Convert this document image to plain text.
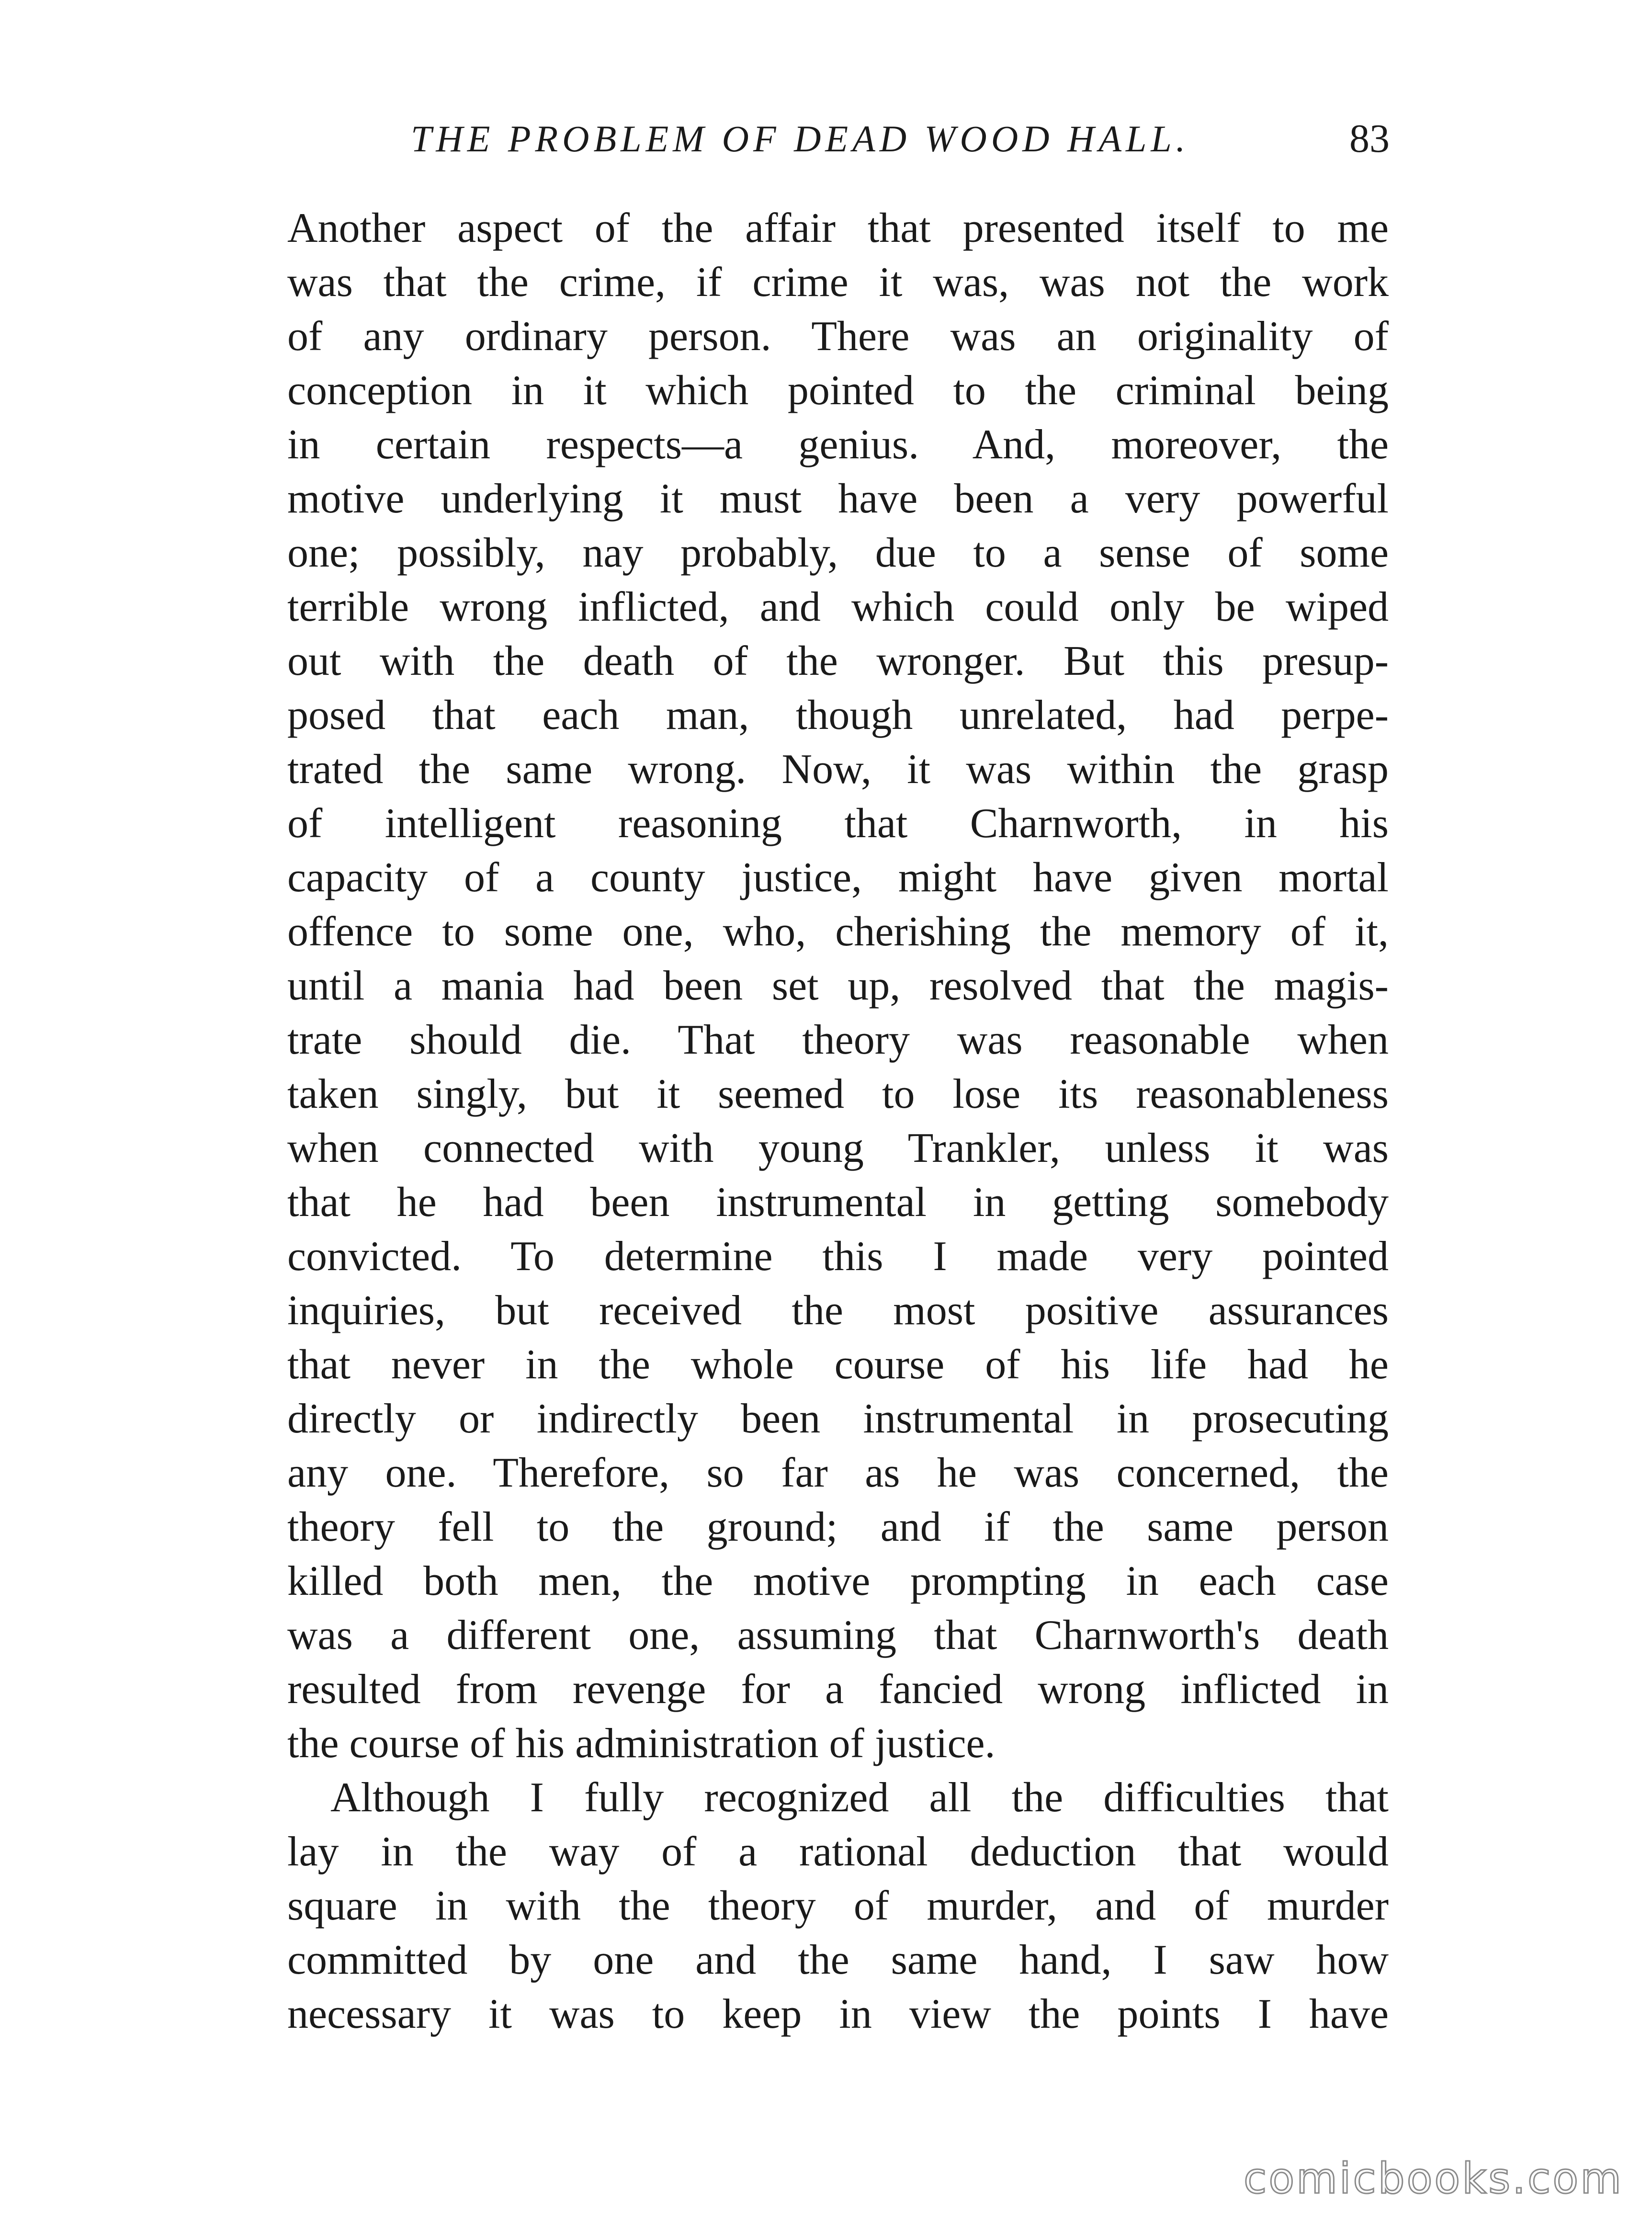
THE PROBLEM OF DEAD WOOD HALL.	83
Another aspect of the affair that presented itself to me
was that the crime, if crime it was, was not the work
of any ordinary person. There was an originality of
conception in it which pointed to the criminal being
in certain respects—a genius. And, moreover, the
motive underlying it must have been a very powerful
one; possibly, nay probably, due to a sense of some
terrible wrong inflicted, and which could only be wiped
out with the death of the wronger. But this presup-
posed that each man, though unrelated, had perpe-
trated the same wrong. Now, it was within the grasp
of intelligent reasoning that Charnworth, in his
capacity of a county justice, might have given mortal
offence to some one, who, cherishing the memory of it,
until a mania had been set up, resolved that the magis-
trate should die. That theory was reasonable when
taken singly, but it seemed to lose its reasonableness
when connected with young Trankler, unless it was
that he had been instrumental in getting somebody
convicted. To determine this I made very pointed
inquiries, but received the most positive assurances
that never in the whole course of his life had he
directly or indirectly been instrumental in prosecuting
any one. Therefore, so far as he was concerned, the
theory fell to the ground; and if the same person
killed both men, the motive prompting in each case
was a different one, assuming that Charnworth's death
resulted from revenge for a fancied wrong inflicted in
the course of his administration of justice.
Although I fully recognized all the difficulties that
lay in the way of a rational deduction that would
square in with the theory of murder, and of murder
committed by one and the same hand, I saw how
necessary it was to keep in view the points I have
comicbooks.com
